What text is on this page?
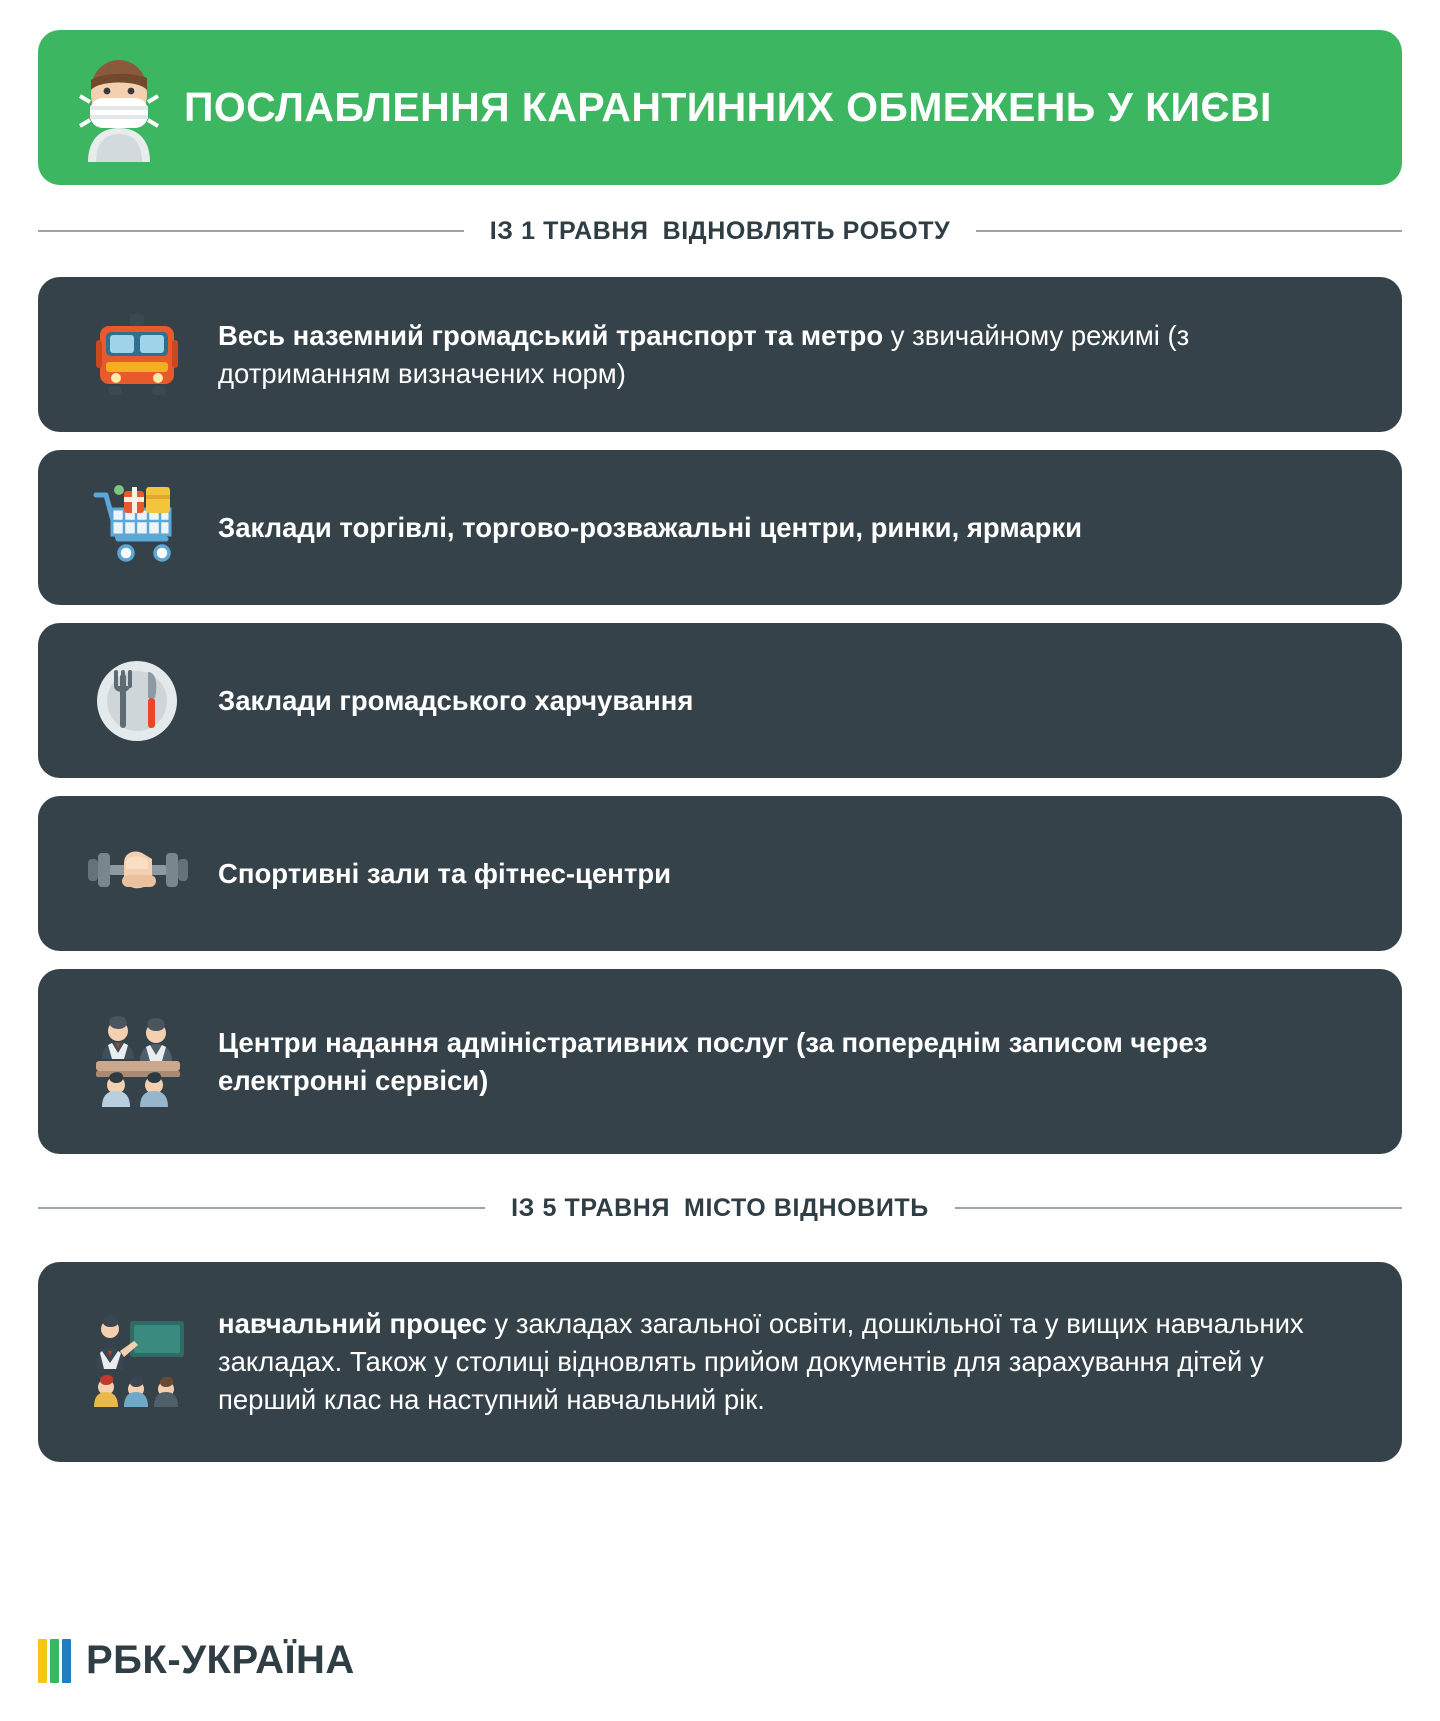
ПОСЛАБЛЕННЯ КАРАНТИННИХ ОБМЕЖЕНЬ У КИЄВІ
ІЗ 1 ТРАВНЯ ВІДНОВЛЯТЬ РОБОТУ
Весь наземний громадський транспорт та метро у звичайному режимі (з дотриманням визначених норм)
Заклади торгівлі, торгово-розважальні центри, ринки, ярмарки
Заклади громадського харчування
Спортивні зали та фітнес-центри
Центри надання адміністративних послуг (за попереднім записом через електронні сервіси)
ІЗ 5 ТРАВНЯ МІСТО ВІДНОВИТЬ
навчальний процес у закладах загальної освіти, дошкільної та у вищих навчальних закладах. Також у столиці відновлять прийом документів для зарахування дітей у перший клас на наступний навчальний рік.
РБК-УКРАЇНА
